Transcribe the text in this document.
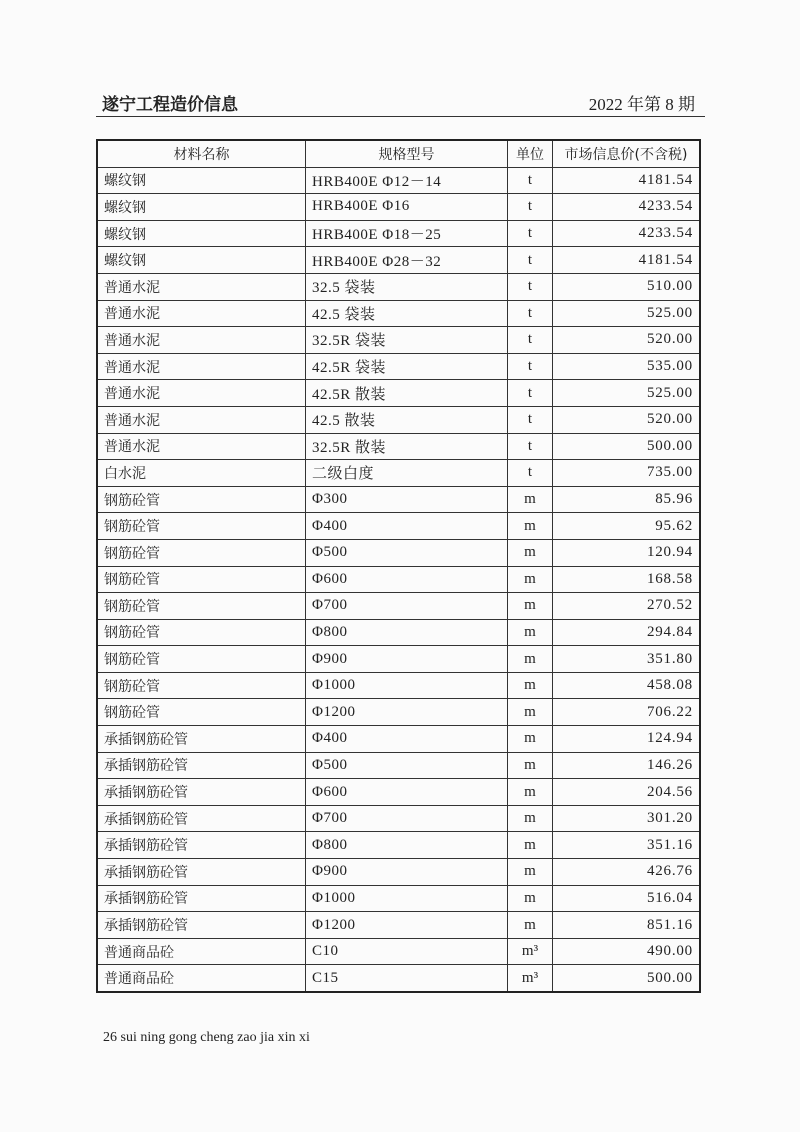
遂宁工程造价信息	2022 年第 8 期
材料名称	规格型号	单位	市场信息价(不含税)
螺纹钢	HRB400E Φ12－14	t	4181.54
螺纹钢	HRB400E Φ16	t	4233.54
螺纹钢	HRB400E Φ18－25	t	4233.54
螺纹钢	HRB400E Φ28－32	t	4181.54
普通水泥	32.5 袋装	t	510.00
普通水泥	42.5 袋装	t	525.00
普通水泥	32.5R 袋装	t	520.00
普通水泥	42.5R 袋装	t	535.00
普通水泥	42.5R 散装	t	525.00
普通水泥	42.5 散装	t	520.00
普通水泥	32.5R 散装	t	500.00
白水泥	二级白度	t	735.00
钢筋砼管	Φ300	m	85.96
钢筋砼管	Φ400	m	95.62
钢筋砼管	Φ500	m	120.94
钢筋砼管	Φ600	m	168.58
钢筋砼管	Φ700	m	270.52
钢筋砼管	Φ800	m	294.84
钢筋砼管	Φ900	m	351.80
钢筋砼管	Φ1000	m	458.08
钢筋砼管	Φ1200	m	706.22
承插钢筋砼管	Φ400	m	124.94
承插钢筋砼管	Φ500	m	146.26
承插钢筋砼管	Φ600	m	204.56
承插钢筋砼管	Φ700	m	301.20
承插钢筋砼管	Φ800	m	351.16
承插钢筋砼管	Φ900	m	426.76
承插钢筋砼管	Φ1000	m	516.04
承插钢筋砼管	Φ1200	m	851.16
普通商品砼	C10	m³	490.00
普通商品砼	C15	m³	500.00
26 sui ning gong cheng zao jia xin xi
